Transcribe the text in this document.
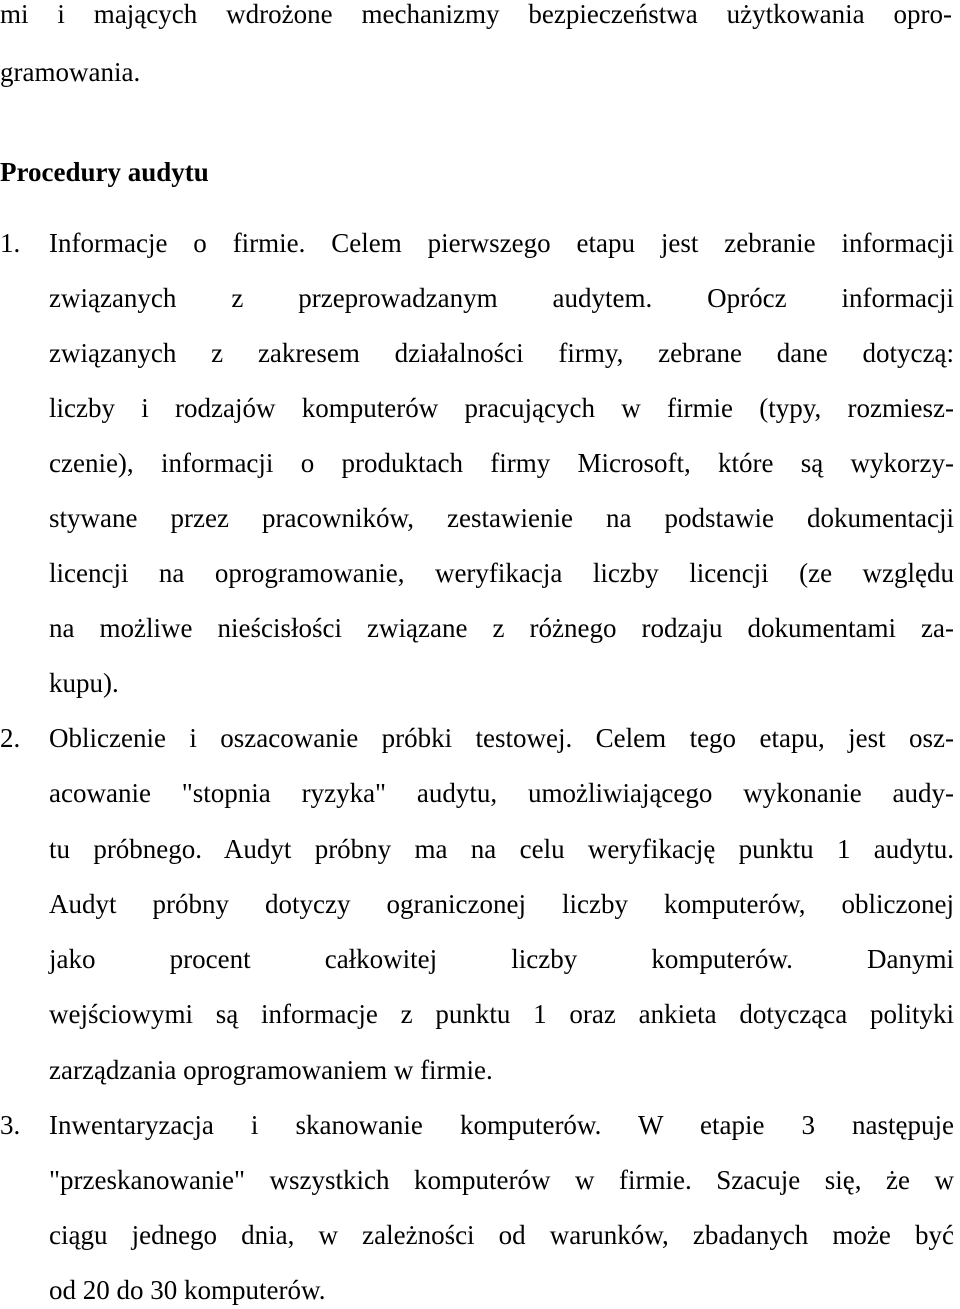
mi i mających wdrożone mechanizmy bezpieczeństwa użytkowania opro-

gramowania.

Procedury audytu
1. Informacje o firmie. Celem pierwszego etapu jest zebranie informacji

związanych z przeprowadzanym audytem. Oprócz informacji

związanych z zakresem działalności firmy, zebrane dane dotyczą:

liczby i rodzajów komputerów pracujących w firmie (typy, rozmiesz-

czenie), informacji o produktach firmy Microsoft, które są wykorzy-

stywane przez pracowników, zestawienie na podstawie dokumentacji

licencji na oprogramowanie, weryfikacja liczby licencji (ze względu

na możliwe nieścisłości związane z różnego rodzaju dokumentami za-

kupu).

2. Obliczenie i oszacowanie próbki testowej. Celem tego etapu, jest osz-

acowanie "stopnia ryzyka" audytu, umożliwiającego wykonanie audy-

tu próbnego. Audyt próbny ma na celu weryfikację punktu 1 audytu.

Audyt próbny dotyczy ograniczonej liczby komputerów, obliczonej

jako procent całkowitej liczby komputerów. Danymi

wejściowymi są informacje z punktu 1 oraz ankieta dotycząca polityki

zarządzania oprogramowaniem w firmie.

3. Inwentaryzacja i skanowanie komputerów. W etapie 3 następuje

"przeskanowanie" wszystkich komputerów w firmie. Szacuje się, że w

ciągu jednego dnia, w zależności od warunków, zbadanych może być

od 20 do 30 komputerów.
